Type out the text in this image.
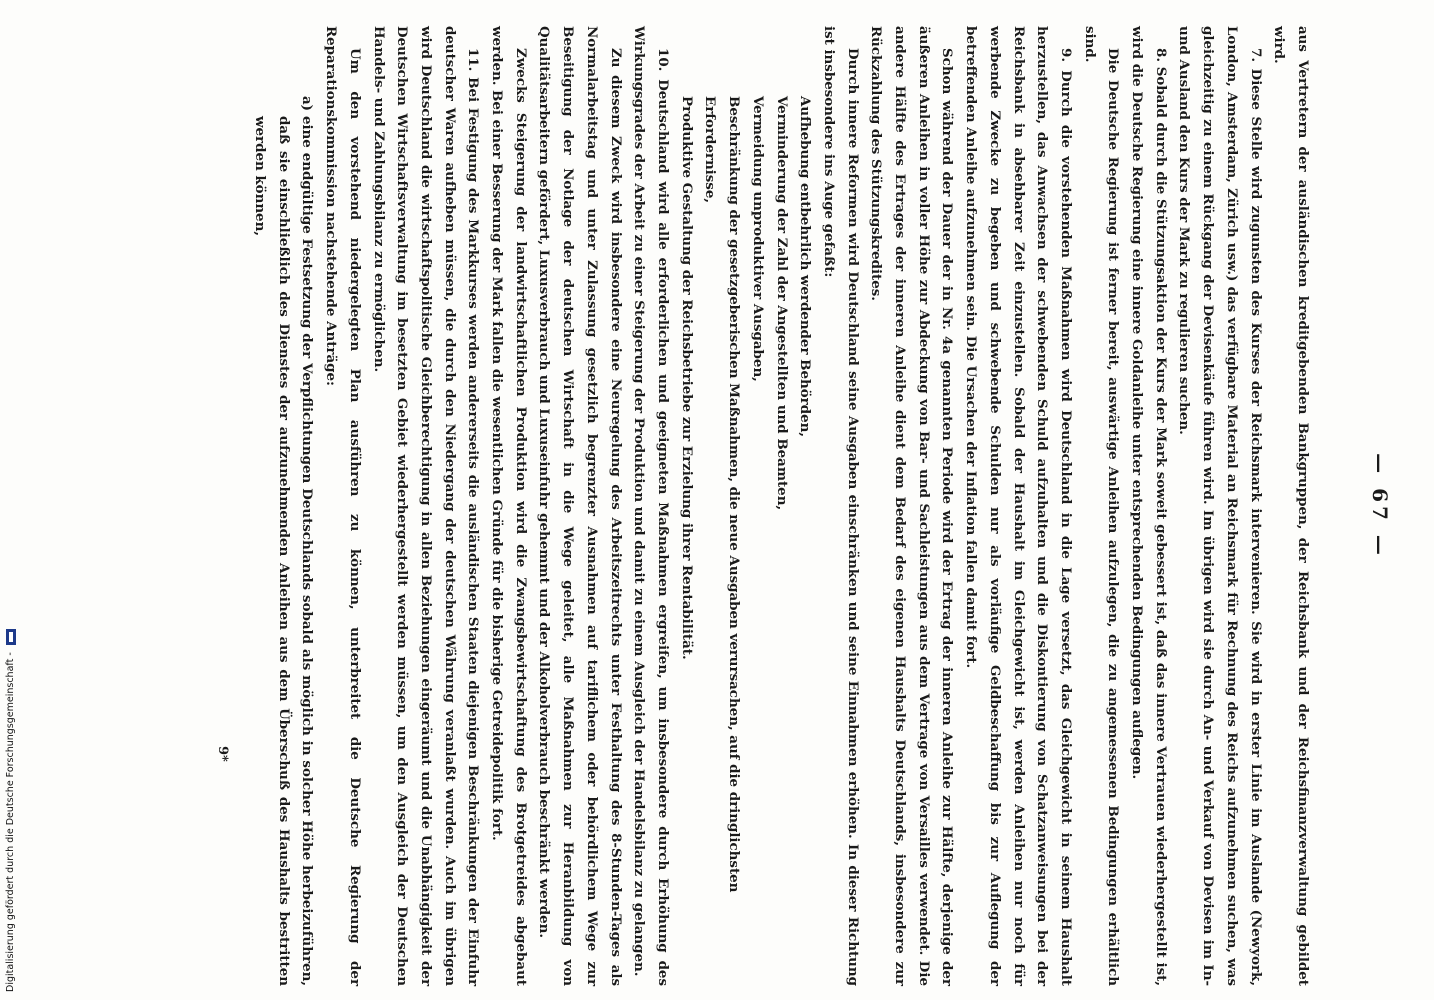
— 67 —

aus Vertretern der ausländischen kreditgebenden Bankgruppen, der Reichsbank und der Reichsfinanzverwaltung gebildet wird.

7. Diese Stelle wird zugunsten des Kurses der Reichsmark intervenieren. Sie wird in erster Linie im Auslande (Newyork, London, Amsterdam, Zürich usw.) das verfügbare Material an Reichsmark für Rechnung des Reichs aufzunehmen suchen, was gleichzeitig zu einem Rückgang der Devisenkäufe führen wird. Im übrigen wird sie durch An- und Verkauf von Devisen im In- und Ausland den Kurs der Mark zu regulieren suchen.

8. Sobald durch die Stützungsaktion der Kurs der Mark soweit gebessert ist, daß das innere Vertrauen wiederhergestellt ist, wird die Deutsche Regierung eine innere Goldanleihe unter entsprechenden Bedingungen auflegen.

Die Deutsche Regierung ist ferner bereit, auswärtige Anleihen aufzulegen, die zu angemessenen Bedingungen erhältlich sind.

9. Durch die vorstehenden Maßnahmen wird Deutschland in die Lage versetzt, das Gleichgewicht in seinem Haushalt herzustellen, das Anwachsen der schwebenden Schuld aufzuhalten und die Diskontierung von Schatzanweisungen bei der Reichsbank in absehbarer Zeit einzustellen. Sobald der Haushalt im Gleichgewicht ist, werden Anleihen nur noch für werbende Zwecke zu begeben und schwebende Schulden nur als vorläufige Geldbeschaffung bis zur Auflegung der betreffenden Anleihe aufzunehmen sein. Die Ursachen der Inflation fallen damit fort.

Schon während der Dauer der in Nr. 4a genannten Periode wird der Ertrag der inneren Anleihe zur Hälfte, derjenige der äußeren Anleihen in voller Höhe zur Abdeckung von Bar- und Sachleistungen aus dem Vertrage von Versailles verwendet. Die andere Hälfte des Ertrages der inneren Anleihe dient dem Bedarf des eigenen Haushalts Deutschlands, insbesondere zur Rückzahlung des Stützungskredites.

Durch innere Reformen wird Deutschland seine Ausgaben einschränken und seine Einnahmen erhöhen. In dieser Richtung ist insbesondere ins Auge gefaßt:

Aufhebung entbehrlich werdender Behörden,
Verminderung der Zahl der Angestellten und Beamten,
Vermeidung unproduktiver Ausgaben,
Beschränkung der gesetzgeberischen Maßnahmen, die neue Ausgaben verursachen, auf die dringlichsten Erfordernisse,
Produktive Gestaltung der Reichsbetriebe zur Erzielung ihrer Rentabilität.

10. Deutschland wird alle erforderlichen und geeigneten Maßnahmen ergreifen, um insbesondere durch Erhöhung des Wirkungsgrades der Arbeit zu einer Steigerung der Produktion und damit zu einem Ausgleich der Handelsbilanz zu gelangen.

Zu diesem Zweck wird insbesondere eine Neuregelung des Arbeitszeitrechts unter Festhaltung des 8-Stunden-Tages als Normalarbeitstag und unter Zulassung gesetzlich begrenzter Ausnahmen auf tariflichem oder behördlichem Wege zur Beseitigung der Notlage der deutschen Wirtschaft in die Wege geleitet, alle Maßnahmen zur Heranbildung von Qualitätsarbeitern gefördert, Luxusverbrauch und Luxuseinfuhr gehemmt und der Alkoholverbrauch beschränkt werden.

Zwecks Steigerung der landwirtschaftlichen Produktion wird die Zwangsbewirtschaftung des Brotgetreides abgebaut werden. Bei einer Besserung der Mark fallen die wesentlichen Gründe für die bisherige Getreidepolitik fort.

11. Bei Festigung des Markkurses werden andererseits die ausländischen Staaten diejenigen Beschränkungen der Einfuhr deutscher Waren aufheben müssen, die durch den Niedergang der deutschen Währung veranlaßt wurden. Auch im übrigen wird Deutschland die wirtschaftspolitische Gleichberechtigung in allen Beziehungen eingeräumt und die Unabhängigkeit der Deutschen Wirtschaftsverwaltung im besetzten Gebiet wiederhergestellt werden müssen, um den Ausgleich der Deutschen Handels- und Zahlungsbilanz zu ermöglichen.

Um den vorstehend niedergelegten Plan ausführen zu können, unterbreitet die Deutsche Regierung der Reparationskommission nachstehende Anträge:

a) eine endgültige Festsetzung der Verpflichtungen Deutschlands sobald als möglich in solcher Höhe herbeizuführen, daß sie einschließlich des Dienstes der aufzunehmenden Anleihen aus dem Überschuß des Haushalts bestritten werden können,
9*
Digitalisierung gefördert durch die Deutsche Forschungsgemeinschaft -
